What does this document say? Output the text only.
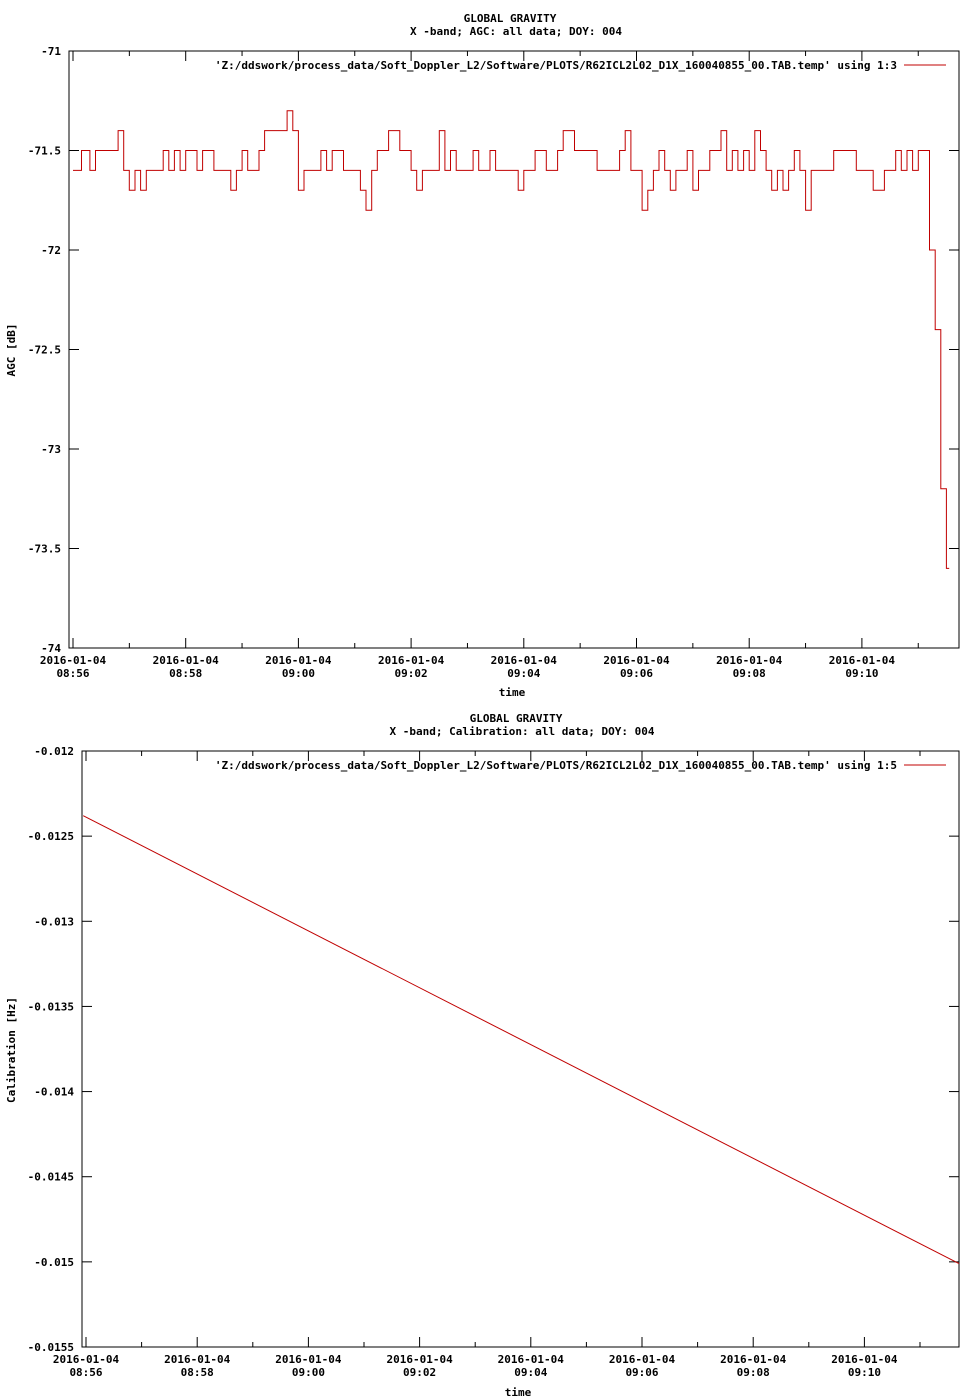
GLOBAL GRAVITY
X -band; AGC: all data; DOY: 004
-71
-71.5
-72
-72.5
-73
-73.5
-74
2016-01-04
08:56
2016-01-04
08:58
2016-01-04
09:00
2016-01-04
09:02
2016-01-04
09:04
2016-01-04
09:06
2016-01-04
09:08
2016-01-04
09:10
'Z:/ddswork/process_data/Soft_Doppler_L2/Software/PLOTS/R62ICL2L02_D1X_160040855_00.TAB.temp' using 1:3
AGC [dB]
time
GLOBAL GRAVITY
X -band; Calibration: all data; DOY: 004
-0.012
-0.0125
-0.013
-0.0135
-0.014
-0.0145
-0.015
-0.0155
2016-01-04
08:56
2016-01-04
08:58
2016-01-04
09:00
2016-01-04
09:02
2016-01-04
09:04
2016-01-04
09:06
2016-01-04
09:08
2016-01-04
09:10
'Z:/ddswork/process_data/Soft_Doppler_L2/Software/PLOTS/R62ICL2L02_D1X_160040855_00.TAB.temp' using 1:5
Calibration [Hz]
time
